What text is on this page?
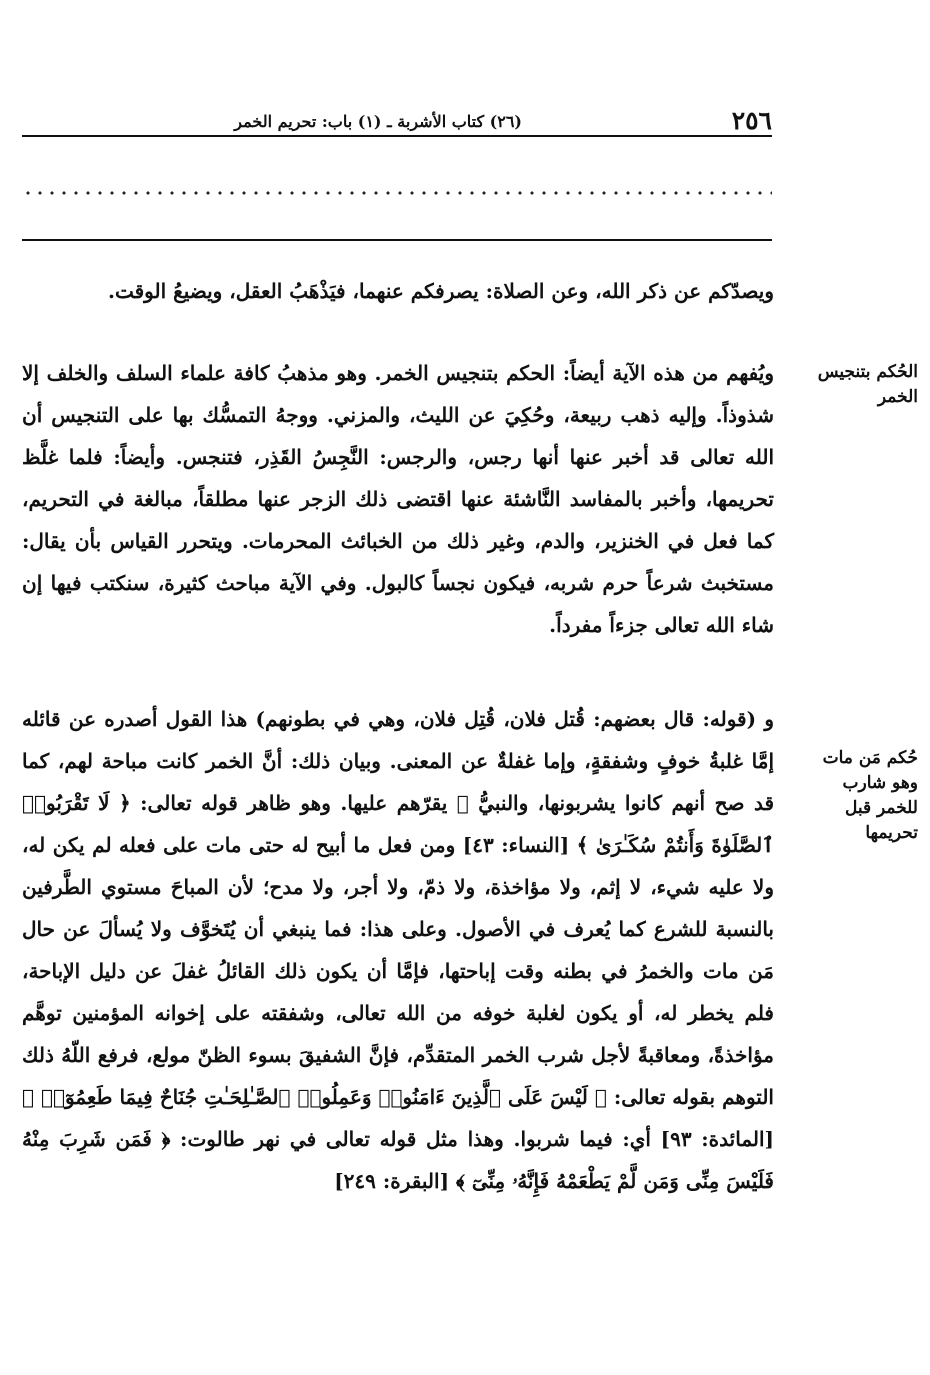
٢٥٦
(٢٦) كتاب الأشربة ـ (١) باب: تحريم الخمر
الحُكم بتنجيس الخمر
حُكم مَن مات وهو شارب للخمر قبل تحريمها

ويصدّكم عن ذكر الله، وعن الصلاة: يصرفكم عنهما، فيَذْهَبُ العقل، ويضيعُ الوقت.

ويُفهم من هذه الآية أيضاً: الحكم بتنجيس الخمر. وهو مذهبُ كافة علماء السلف والخلف إلا شذوذاً. وإليه ذهب ربيعة، وحُكِيَ عن الليث، والمزني. ووجهُ التمسُّك بها على التنجيس أن الله تعالى قد أخبر عنها أنها رجس، والرجس: النَّجِسُ القَذِر، فتنجس. وأيضاً: فلما غلَّظ تحريمها، وأخبر بالمفاسد النَّاشئة عنها اقتضى ذلك الزجر عنها مطلقاً، مبالغة في التحريم، كما فعل في الخنزير، والدم، وغير ذلك من الخبائث المحرمات. ويتحرر القياس بأن يقال: مستخبث شرعاً حرم شربه، فيكون نجساً كالبول. وفي الآية مباحث كثيرة، سنكتب فيها إن شاء الله تعالى جزءاً مفرداً.

و (قوله: قال بعضهم: قُتل فلان، قُتِل فلان، وهي في بطونهم) هذا القول أصدره عن قائله إمَّا غلبةُ خوفٍ وشفقةٍ، وإما غفلةٌ عن المعنى. وبيان ذلك: أنَّ الخمر كانت مباحة لهم، كما قد صح أنهم كانوا يشربونها، والنبيُّ ﷺ يقرّهم عليها. وهو ظاهر قوله تعالى: ﴿ لَا تَقْرَبُوا۟ ٱلصَّلَوٰةَ وَأَنتُمْ سُكَـٰرَىٰ ﴾ [النساء: ٤٣] ومن فعل ما أبيح له حتى مات على فعله لم يكن له، ولا عليه شيء، لا إثم، ولا مؤاخذة، ولا ذمّ، ولا أجر، ولا مدح؛ لأن المباحَ مستوي الطَّرفين بالنسبة للشرع كما يُعرف في الأصول. وعلى هذا: فما ينبغي أن يُتَخوَّف ولا يُسألَ عن حال مَن مات والخمرُ في بطنه وقت إباحتها، فإمَّا أن يكون ذلك القائلُ غفلَ عن دليل الإباحة، فلم يخطر له، أو يكون لغلبة خوفه من الله تعالى، وشفقته على إخوانه المؤمنين توهَّم مؤاخذةً، ومعاقبةً لأجل شرب الخمر المتقدِّم، فإنَّ الشفيقَ بسوء الظنّ مولع، فرفع اللّهُ ذلك التوهم بقوله تعالى: ﴿ لَيْسَ عَلَى ٱلَّذِينَ ءَامَنُوا۟ وَعَمِلُوا۟ ٱلصَّـٰلِحَـٰتِ جُنَاحٌ فِيمَا طَعِمُوٓا۟ ﴾ [المائدة: ٩٣] أي: فيما شربوا. وهذا مثل قوله تعالى في نهر طالوت: ﴿ فَمَن شَرِبَ مِنْهُ فَلَيْسَ مِنِّى وَمَن لَّمْ يَطْعَمْهُ فَإِنَّهُۥ مِنِّىٓ ﴾ [البقرة: ٢٤٩]
